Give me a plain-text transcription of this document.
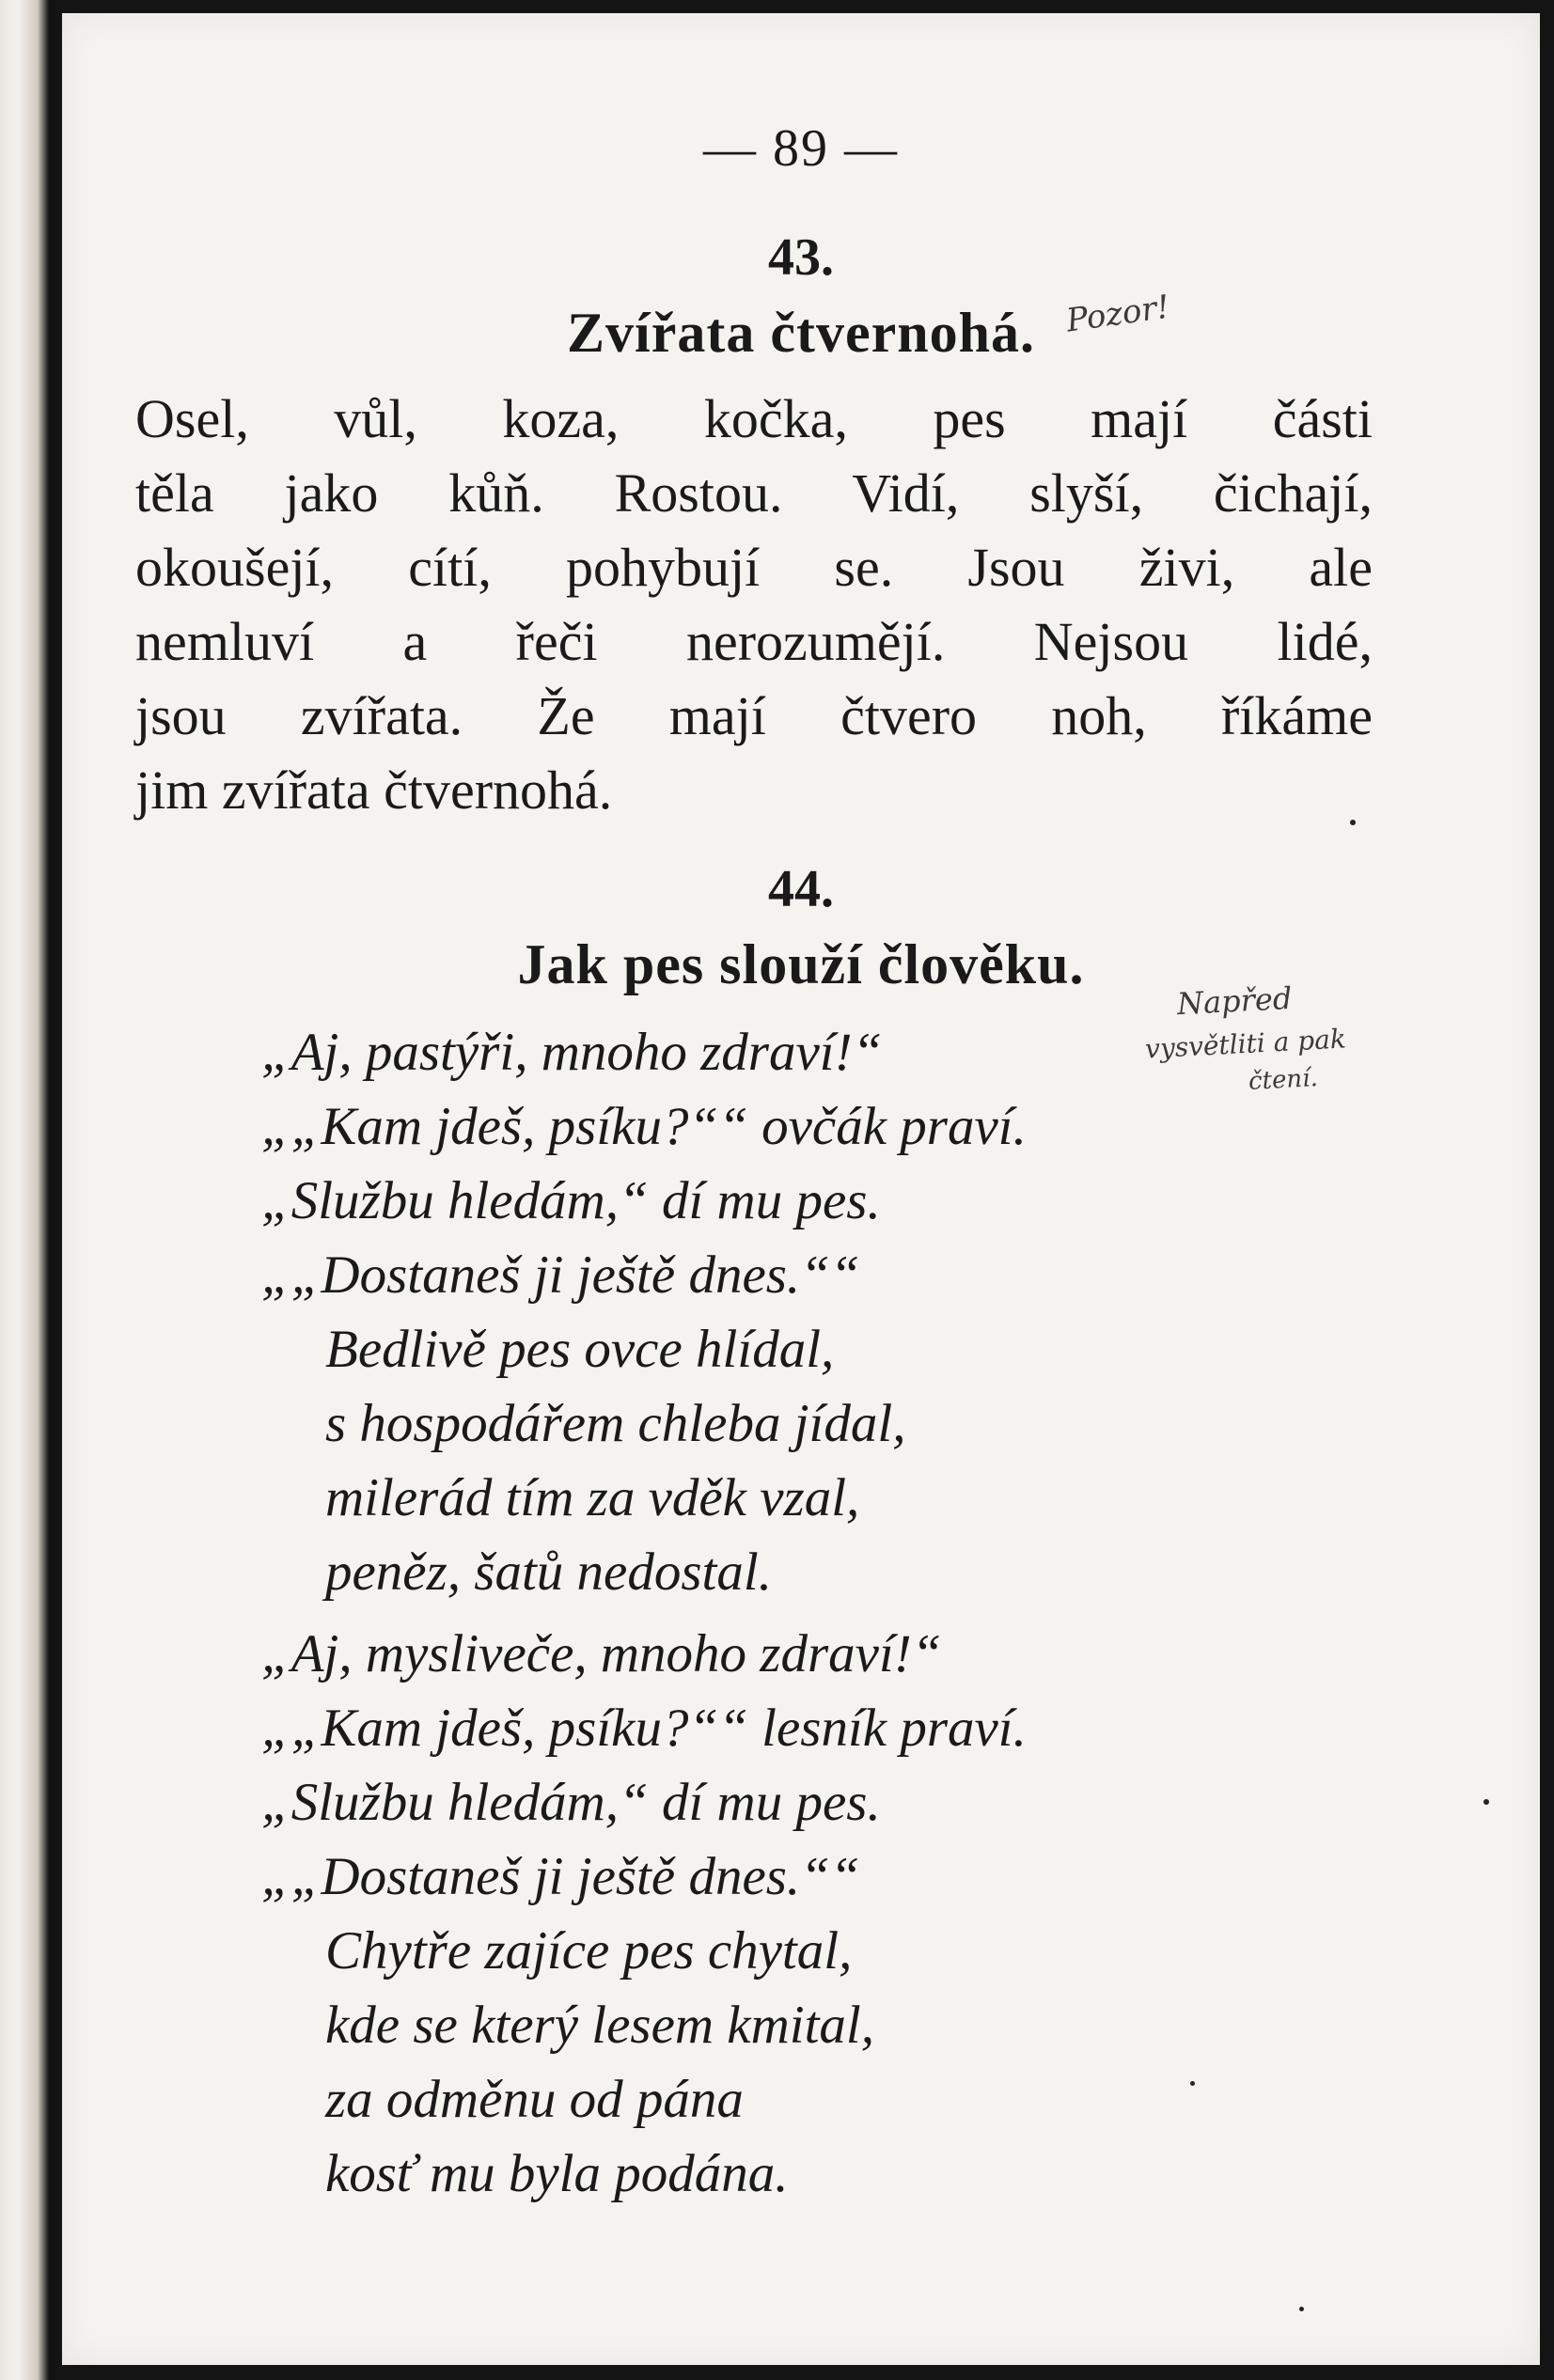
— 89 —
43.
Zvířata čtvernohá. Pozor!
Osel, vůl, koza, kočka, pes mají části
těla jako kůň. Rostou. Vidí, slyší, čichají,
okoušejí, cítí, pohybují se. Jsou živi, ale
nemluví a řeči nerozumějí. Nejsou lidé,
jsou zvířata. Že mají čtvero noh, říkáme
jim zvířata čtvernohá.
44.
Jak pes slouží člověku.
Napřed
vysvětliti a pak
čtení.
„Aj, pastýři, mnoho zdraví!“
„„Kam jdeš, psíku?““ ovčák praví.
„Službu hledám,“ dí mu pes.
„„Dostaneš ji ještě dnes.““
Bedlivě pes ovce hlídal,
s hospodářem chleba jídal,
milerád tím za vděk vzal,
peněz, šatů nedostal.
„Aj, mysliveče, mnoho zdraví!“
„„Kam jdeš, psíku?““ lesník praví.
„Službu hledám,“ dí mu pes.
„„Dostaneš ji ještě dnes.““
Chytře zajíce pes chytal,
kde se který lesem kmital,
za odměnu od pána
kosť mu byla podána.
